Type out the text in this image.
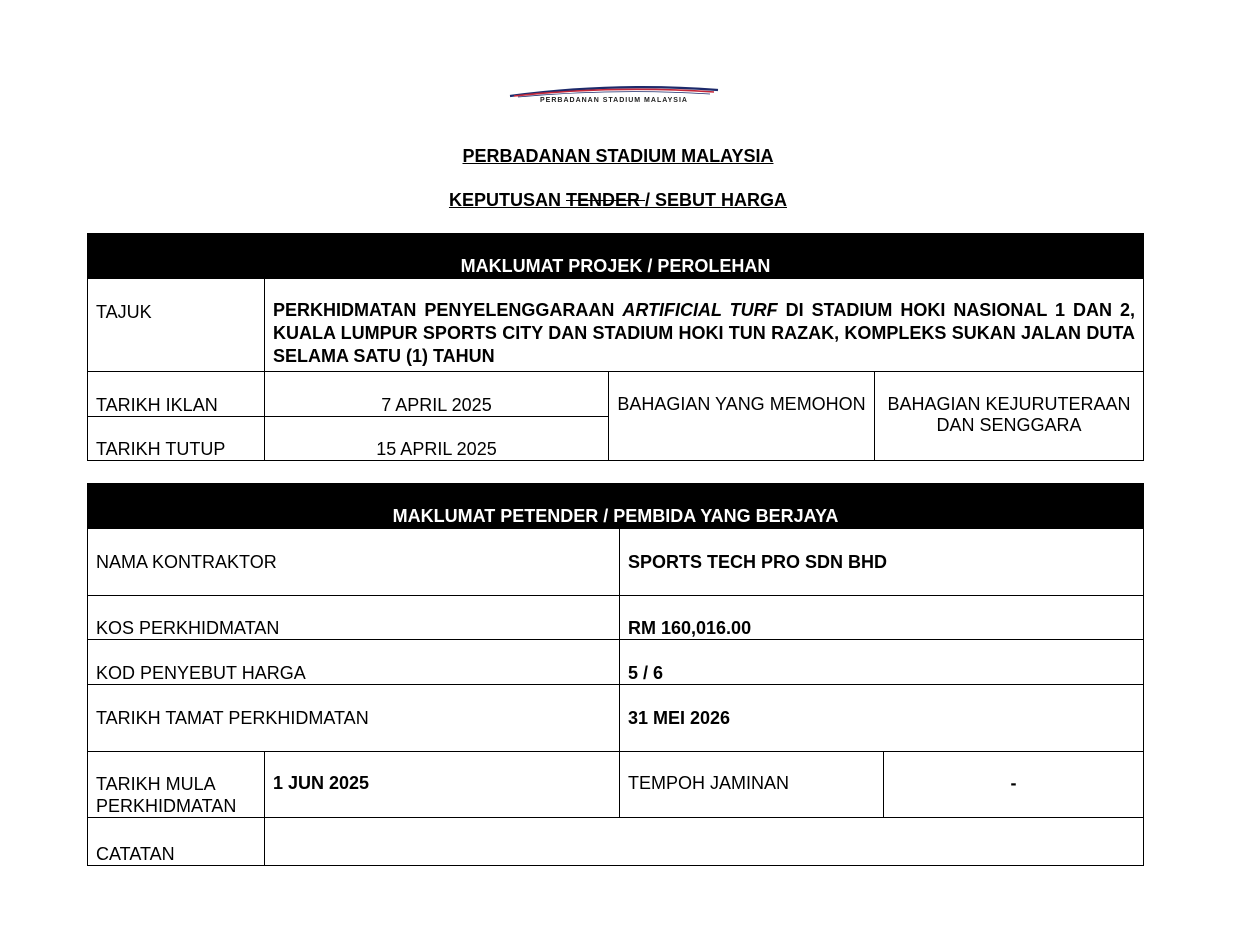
PERBADANAN STADIUM MALAYSIA
PERBADANAN STADIUM MALAYSIA
KEPUTUSAN TENDER / SEBUT HARGA
MAKLUMAT PROJEK / PEROLEHAN			
TAJUK	PERKHIDMATAN PENYELENGGARAAN ARTIFICIAL TURF DI STADIUM HOKI NASIONAL 1 DAN 2, KUALA LUMPUR SPORTS CITY DAN STADIUM HOKI TUN RAZAK, KOMPLEKS SUKAN JALAN DUTA SELAMA SATU (1) TAHUN		
TARIKH IKLAN	7 APRIL 2025	BAHAGIAN YANG MEMOHON	BAHAGIAN KEJURUTERAAN DAN SENGGARA
TARIKH TUTUP	15 APRIL 2025		
MAKLUMAT PETENDER / PEMBIDA YANG BERJAYA			
NAMA KONTRAKTOR		SPORTS TECH PRO SDN BHD	
KOS PERKHIDMATAN		RM 160,016.00	
KOD PENYEBUT HARGA		5 / 6	
TARIKH TAMAT PERKHIDMATAN		31 MEI 2026	
TARIKH MULA PERKHIDMATAN	1 JUN 2025	TEMPOH JAMINAN	-
CATATAN			
